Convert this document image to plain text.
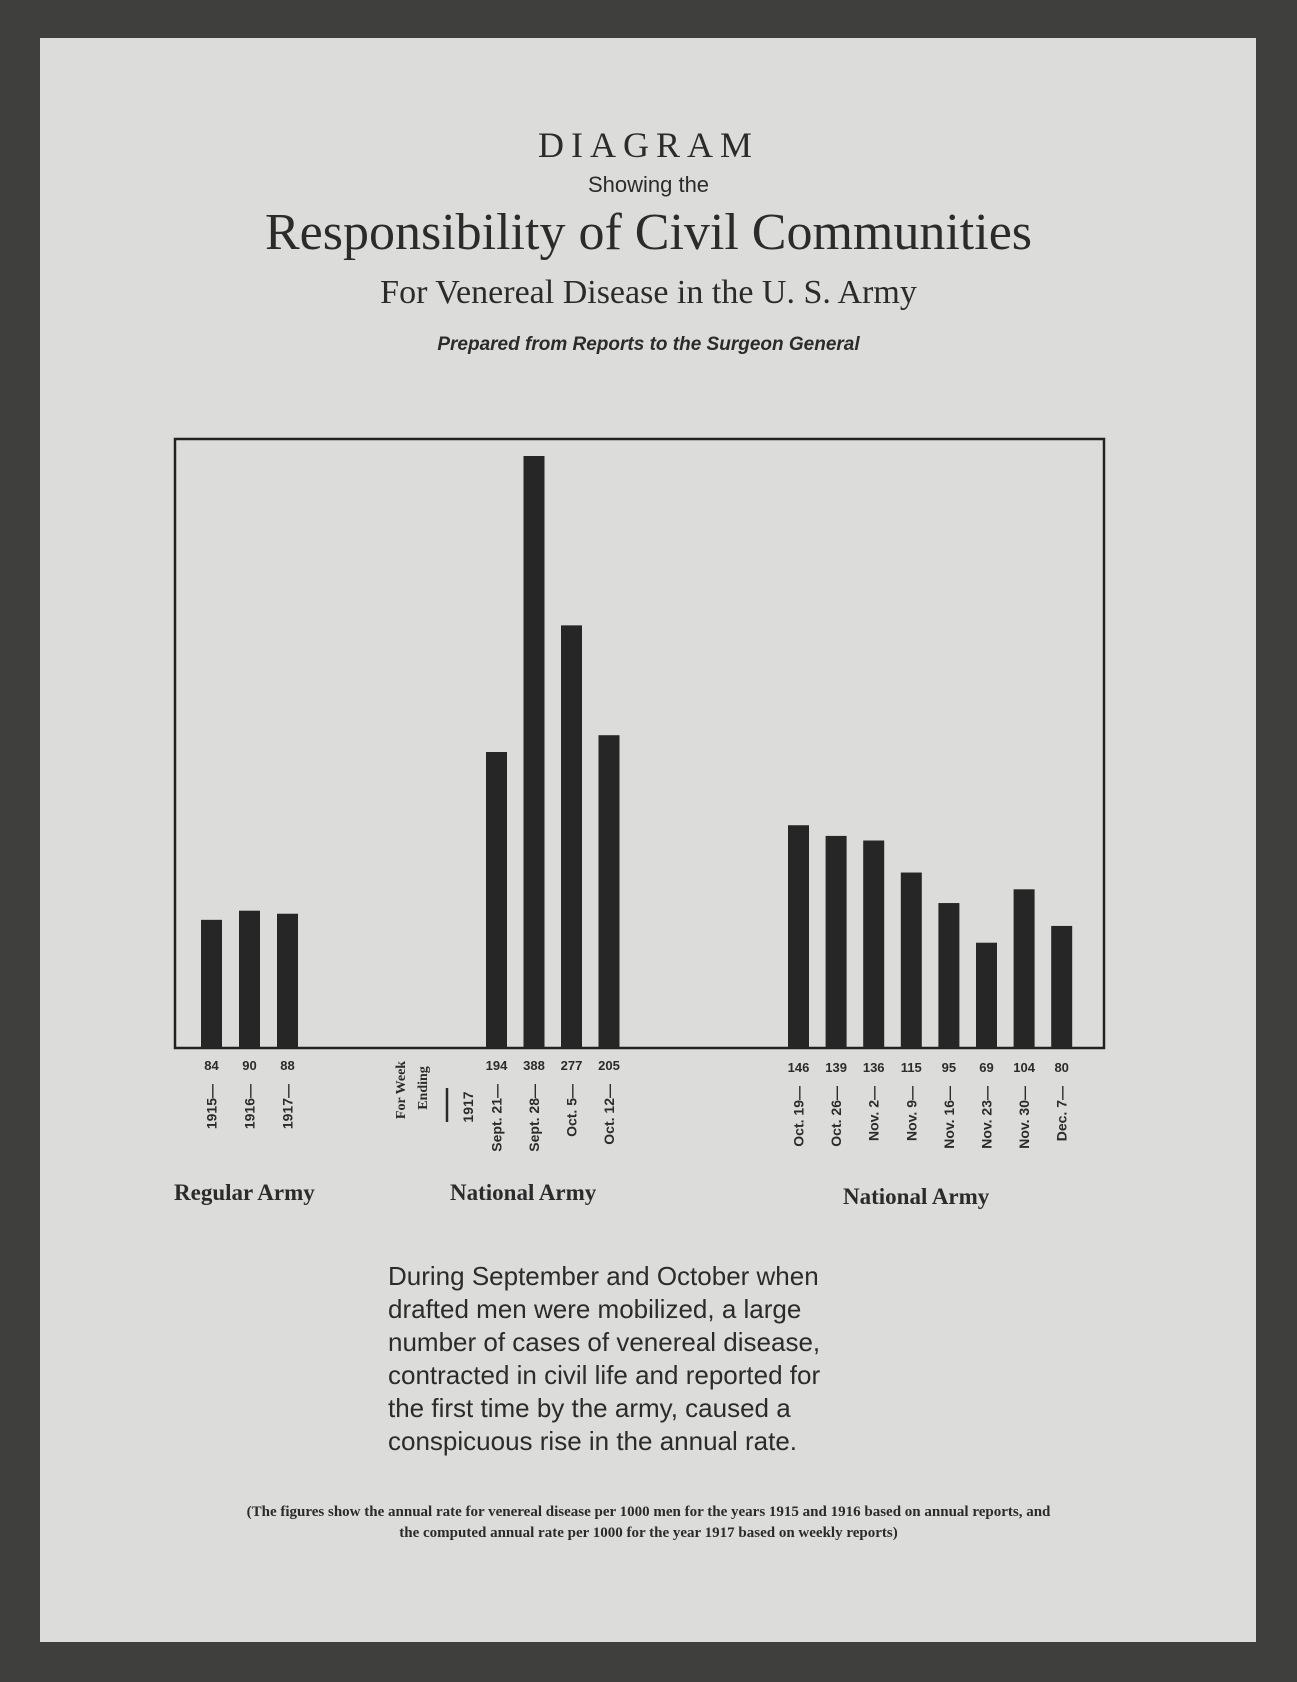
DIAGRAM
Showing the
Responsibility of Civil Communities
For Venereal Disease in the U. S. Army
Prepared from Reports to the Surgeon General
84
1915—
90
1916—
88
1917—
194
Sept. 21—
388
Sept. 28—
277
Oct. 5—
205
Oct. 12—
146
Oct. 19—
139
Oct. 26—
136
Nov. 2—
115
Nov. 9—
95
Nov. 16—
69
Nov. 23—
104
Nov. 30—
80
Dec. 7—
For Week Ending 1917
Regular Army	National Army	National Army
During September and October when
drafted men were mobilized, a large
number of cases of venereal disease,
contracted in civil life and reported for
the first time by the army, caused a
conspicuous rise in the annual rate.
(The figures show the annual rate for venereal disease per 1000 men for the years 1915 and 1916 based on annual reports, and
the computed annual rate per 1000 for the year 1917 based on weekly reports)
